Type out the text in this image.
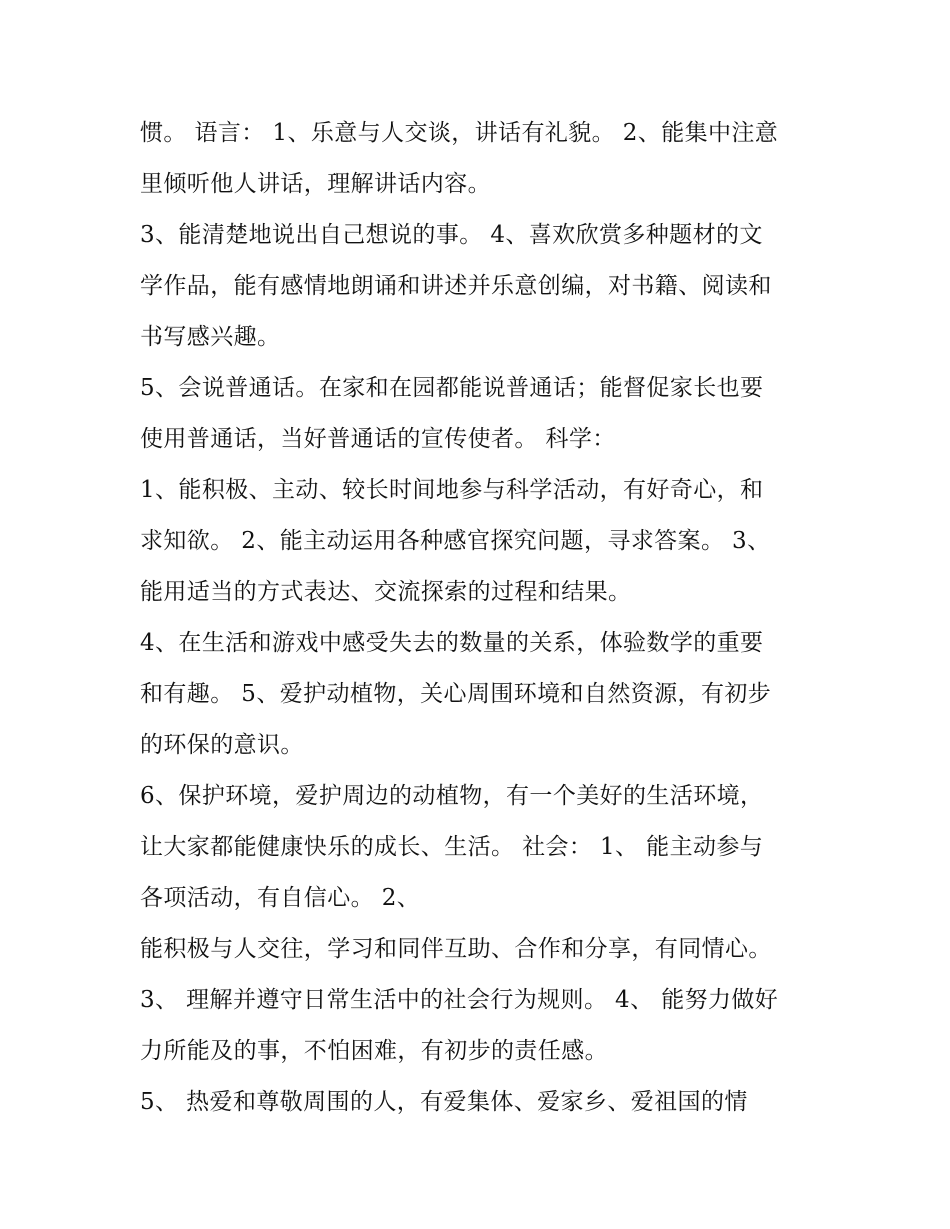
惯。 语言： 1、乐意与人交谈，讲话有礼貌。 2、能集中注意
里倾听他人讲话，理解讲话内容。
3、能清楚地说出自己想说的事。 4、喜欢欣赏多种题材的文
学作品，能有感情地朗诵和讲述并乐意创编，对书籍、阅读和
书写感兴趣。
5、会说普通话。在家和在园都能说普通话；能督促家长也要
使用普通话，当好普通话的宣传使者。 科学：
1、能积极、主动、较长时间地参与科学活动，有好奇心，和
求知欲。 2、能主动运用各种感官探究问题，寻求答案。 3、
能用适当的方式表达、交流探索的过程和结果。
4、在生活和游戏中感受失去的数量的关系，体验数学的重要
和有趣。 5、爱护动植物，关心周围环境和自然资源，有初步
的环保的意识。
6、保护环境，爱护周边的动植物，有一个美好的生活环境，
让大家都能健康快乐的成长、生活。 社会： 1、 能主动参与
各项活动，有自信心。 2、
能积极与人交往，学习和同伴互助、合作和分享，有同情心。
3、 理解并遵守日常生活中的社会行为规则。 4、 能努力做好
力所能及的事，不怕困难，有初步的责任感。
5、 热爱和尊敬周围的人，有爱集体、爱家乡、爱祖国的情
